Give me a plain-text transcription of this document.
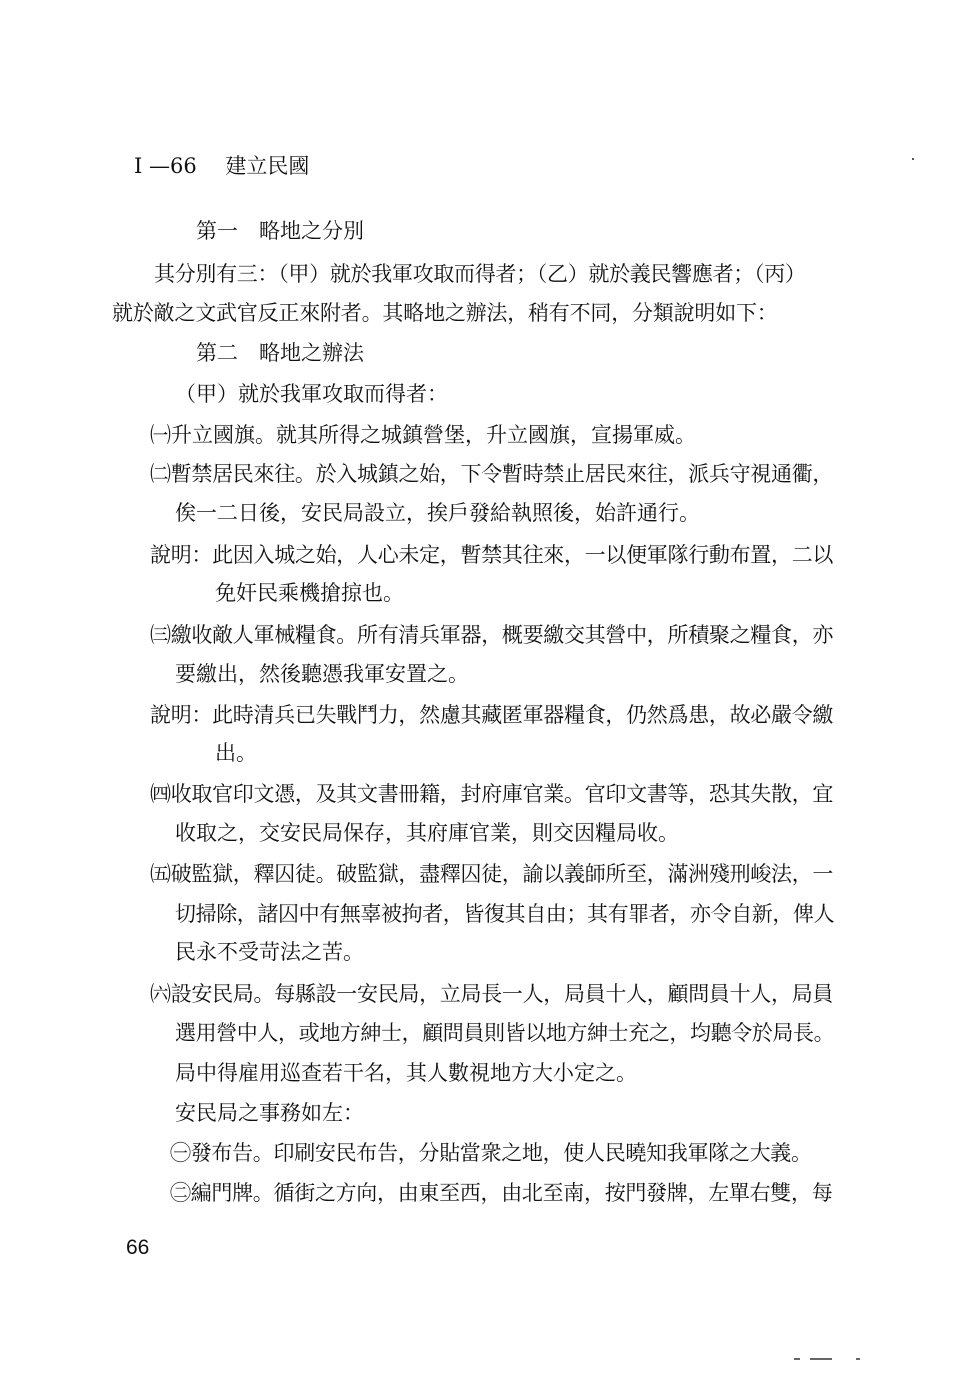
I —66 建立民國
第一　略地之分別
其分別有三：（甲）就於我軍攻取而得者；（乙）就於義民響應者；（丙）
就於敵之文武官反正來附者。其略地之辦法，稍有不同，分類說明如下：
第二　略地之辦法
（甲）就於我軍攻取而得者：
㈠升立國旗。就其所得之城鎮營堡，升立國旗，宣揚軍威。
㈡暫禁居民來往。於入城鎮之始，下令暫時禁止居民來往，派兵守視通衢，
俟一二日後，安民局設立，挨戶發給執照後，始許通行。
說明：此因入城之始，人心未定，暫禁其往來，一以便軍隊行動布置，二以
免奸民乘機搶掠也。
㈢繳收敵人軍械糧食。所有清兵軍器，概要繳交其營中，所積聚之糧食，亦
要繳出，然後聽憑我軍安置之。
說明：此時清兵已失戰鬥力，然慮其藏匿軍器糧食，仍然爲患，故必嚴令繳
出。
㈣收取官印文憑，及其文書冊籍，封府庫官業。官印文書等，恐其失散，宜
收取之，交安民局保存，其府庫官業，則交因糧局收。
㈤破監獄，釋囚徒。破監獄，盡釋囚徒，諭以義師所至，滿洲殘刑峻法，一
切掃除，諸囚中有無辜被拘者，皆復其自由；其有罪者，亦令自新，俾人
民永不受苛法之苦。
㈥設安民局。每縣設一安民局，立局長一人，局員十人，顧問員十人，局員
選用營中人，或地方紳士，顧問員則皆以地方紳士充之，均聽令於局長。
局中得雇用巡查若干名，其人數視地方大小定之。
安民局之事務如左：
㊀發布告。印刷安民布告，分貼當衆之地，使人民曉知我軍隊之大義。
㊁編門牌。循街之方向，由東至西，由北至南，按門發牌，左單右雙，每
66
